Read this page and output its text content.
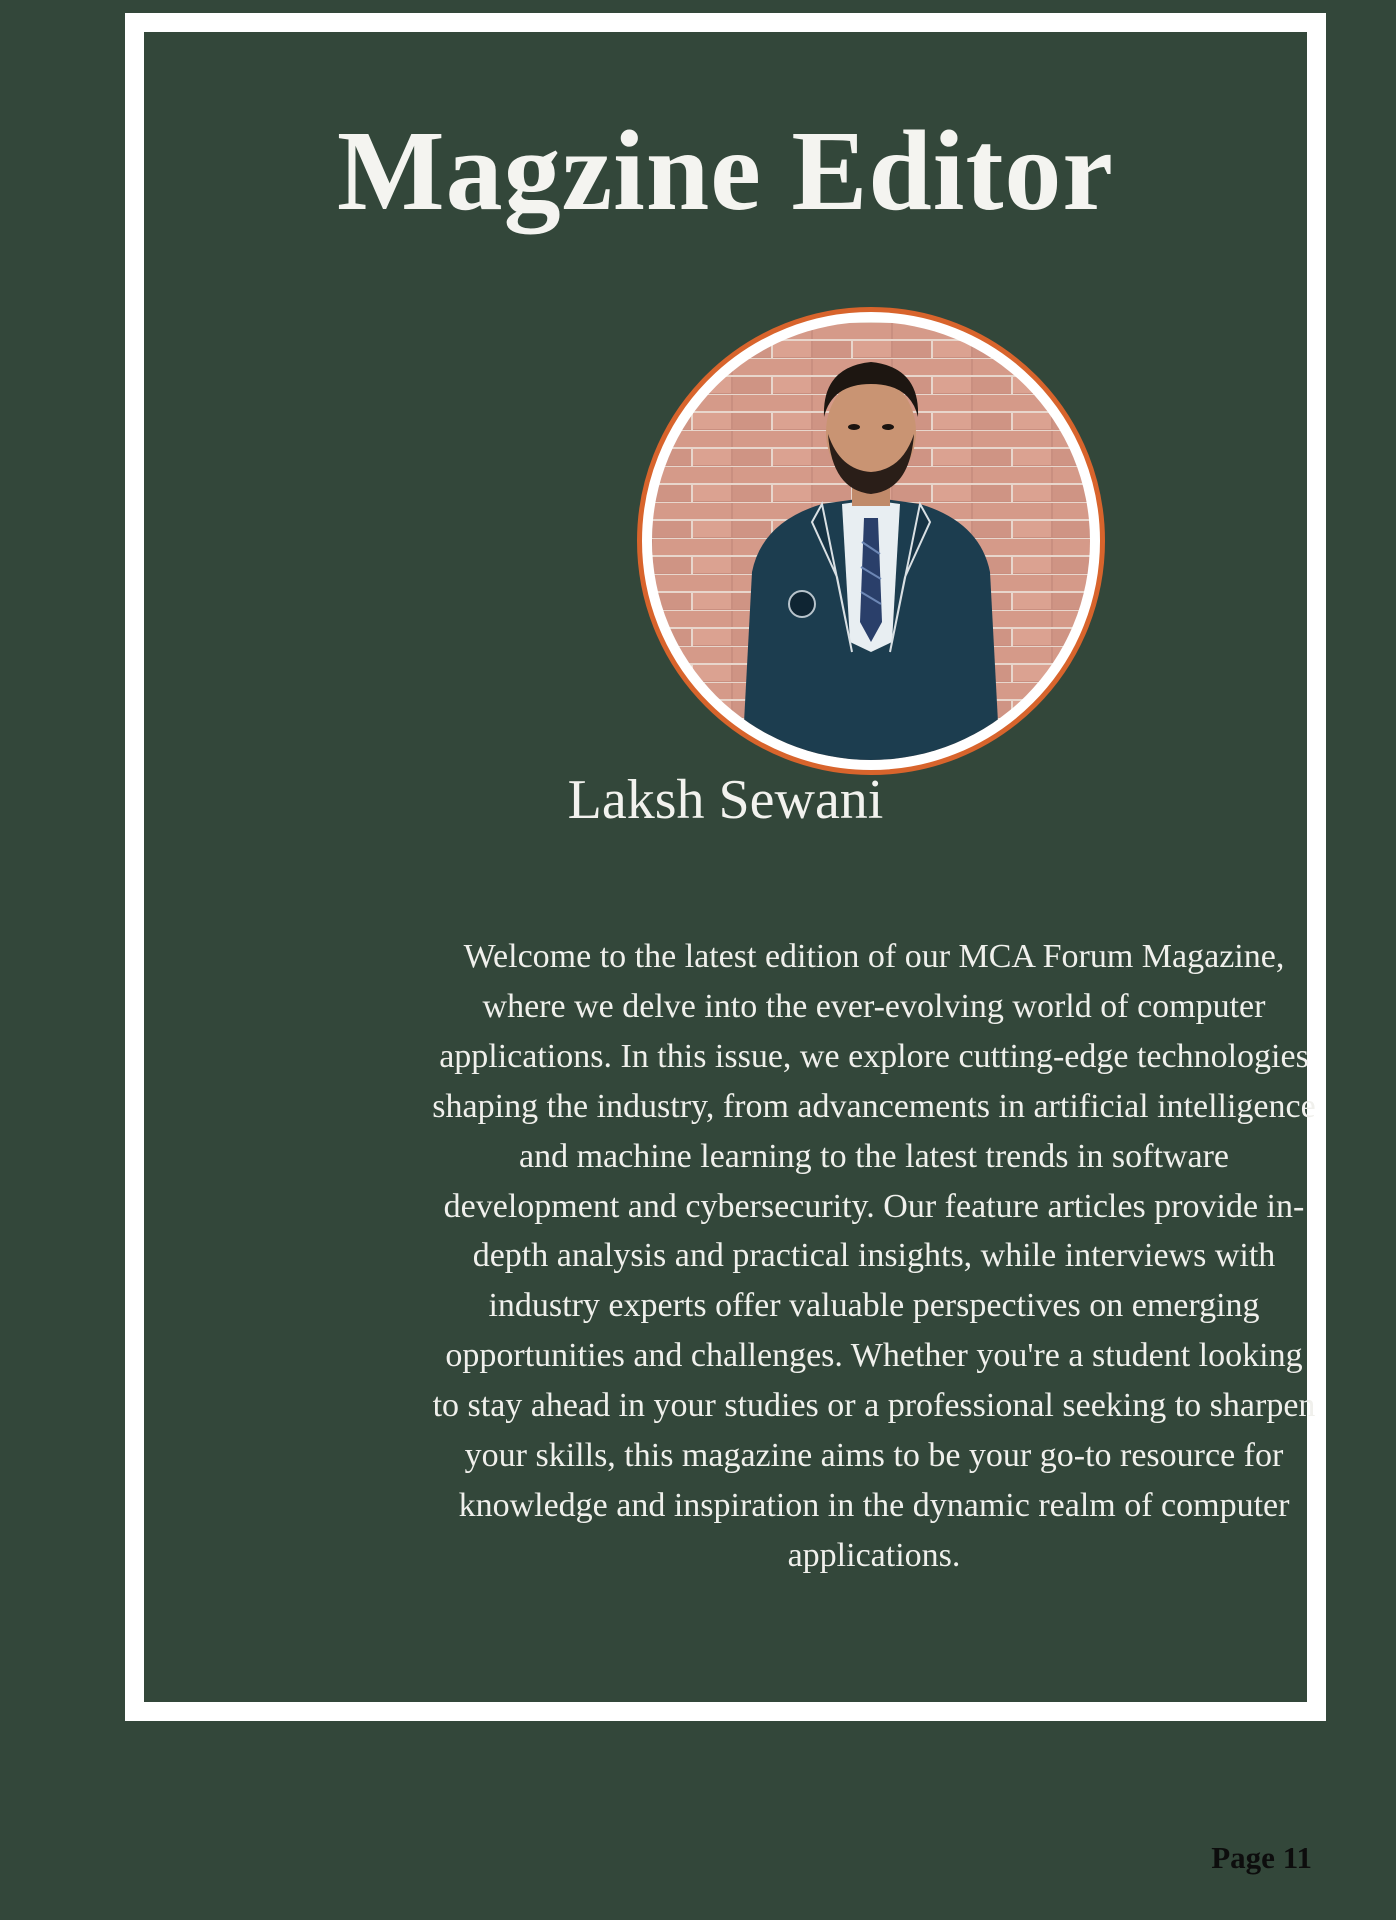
Magzine Editor
Laksh Sewani
Welcome to the latest edition of our MCA Forum Magazine,
where we delve into the ever-evolving world of computer
applications. In this issue, we explore cutting-edge technologies
shaping the industry, from advancements in artificial intelligence
and machine learning to the latest trends in software
development and cybersecurity. Our feature articles provide in-
depth analysis and practical insights, while interviews with
industry experts offer valuable perspectives on emerging
opportunities and challenges. Whether you're a student looking
to stay ahead in your studies or a professional seeking to sharpen
your skills, this magazine aims to be your go-to resource for
knowledge and inspiration in the dynamic realm of computer
applications.
Page 11
